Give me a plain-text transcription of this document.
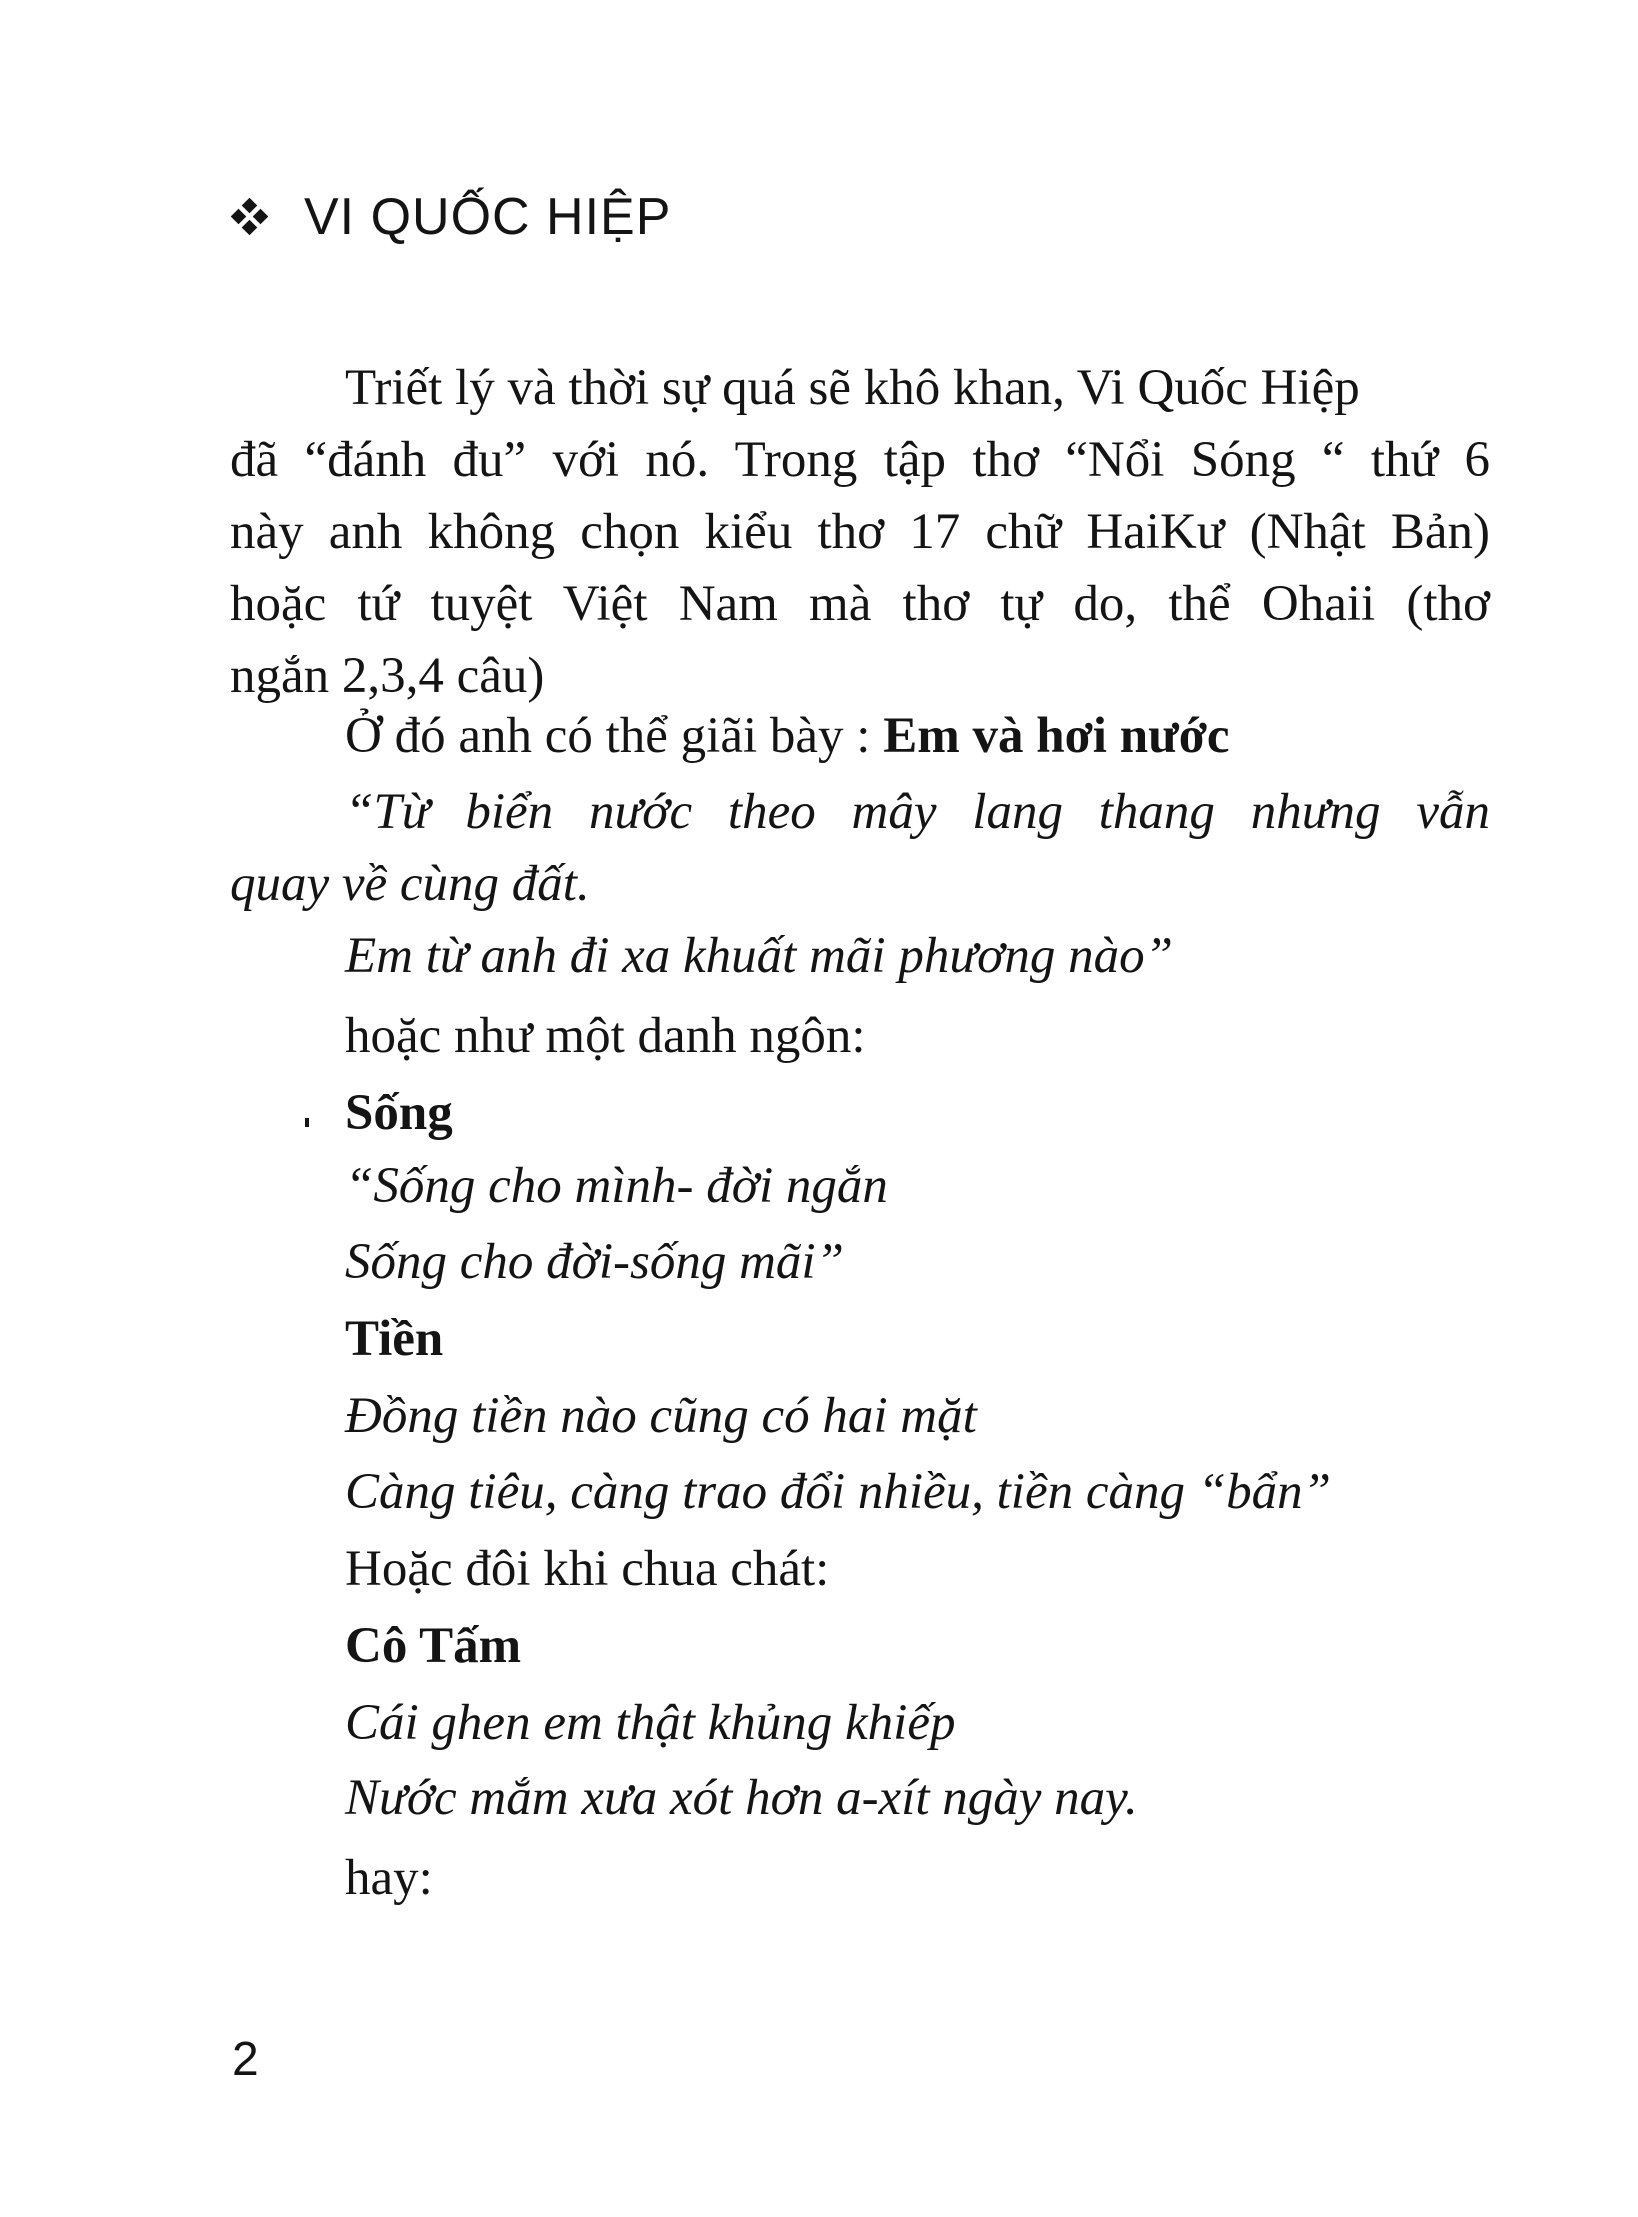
VI QUỐC HIỆP
Triết lý và thời sự quá sẽ khô khan, Vi Quốc Hiệp
đã “đánh đu” với nó. Trong tập thơ “Nổi Sóng “ thứ 6
này anh không chọn kiểu thơ 17 chữ HaiKư (Nhật Bản)
hoặc tứ tuyệt Việt Nam mà thơ tự do, thể Ohaii (thơ
ngắn 2,3,4 câu)
Ở đó anh có thể giãi bày : Em và hơi nước
“Từ biển nước theo mây lang thang nhưng vẫn
quay về cùng đất.
Em từ anh đi xa khuất mãi phương nào”
hoặc như một danh ngôn:
Sống
“Sống cho mình- đời ngắn
Sống cho đời-sống mãi”
Tiền
Đồng tiền nào cũng có hai mặt
Càng tiêu, càng trao đổi nhiều, tiền càng “bẩn”
Hoặc đôi khi chua chát:
Cô Tấm
Cái ghen em thật khủng khiếp
Nước mắm xưa xót hơn a-xít ngày nay.
hay:
2
